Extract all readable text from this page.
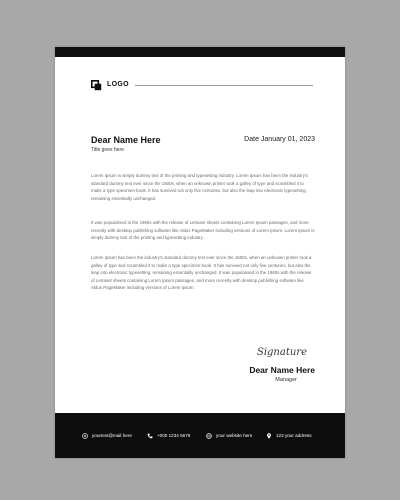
LOGO
Dear Name Here
Title goes here
Date January 01, 2023

Lorem Ipsum is simply dummy text of the printing and typesetting industry. Lorem Ipsum has been the industry's standard dummy text ever since the 1500s, when an unknown printer took a galley of type and scrambled it to make a type specimen book. It has survived not only five centuries, but also the leap into electronic typesetting, remaining essentially unchanged.

It was popularised in the 1960s with the release of Letraset sheets containing Lorem Ipsum passages, and more recently with desktop publishing software like Aldus PageMaker including versions of Lorem Ipsum. Lorem Ipsum is simply dummy text of the printing and typesetting industry.

Lorem Ipsum has been the industry's standard dummy text ever since the 1500s, when an unknown printer took a galley of type and scrambled it to make a type specimen book. It has survived not only five centuries, but also the leap into electronic typesetting, remaining essentially unchanged. It was popularised in the 1960s with the release of Letraset sheets containing Lorem Ipsum passages, and more recently with desktop publishing software like Aldus PageMaker including versions of Lorem Ipsum.

Signature
Dear Name Here
Manager
yourtext@mail here	+000 1234 5678	your website here	123 your address
